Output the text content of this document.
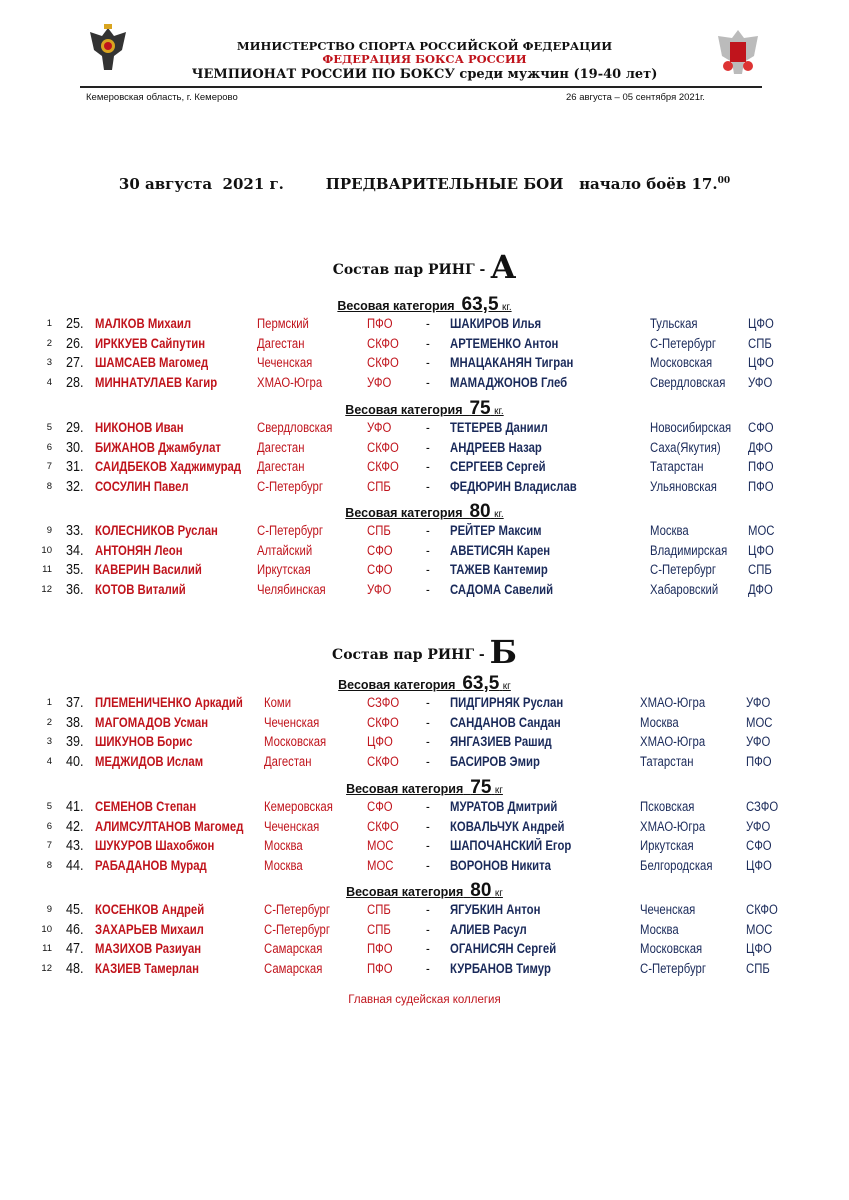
МИНИСТЕРСТВО СПОРТА РОССИЙСКОЙ ФЕДЕРАЦИИ
ФЕДЕРАЦИЯ БОКСА РОССИИ
ЧЕМПИОНАТ РОССИИ ПО БОКСУ среди мужчин (19-40 лет)
Кемеровская область, г. Кемерово	26 августа – 05 сентября 2021г.
30 августа  2021 г.	ПРЕДВАРИТЕЛЬНЫЕ БОИ начало боёв 17.00
Состав пар РИНГ - А
Весовая категория 63,5 кг.
1 25. МАЛКОВ Михаил	Пермский	ПФО - ШАКИРОВ Илья	Тульская	ЦФО
2 26. ИРККУЕВ Сайпутин	Дагестан	СКФО - АРТЕМЕНКО Антон	С-Петербург СПБ
3 27. ШАМСАЕВ Магомед	Чеченская	СКФО - МНАЦАКАНЯН Тигран	Московская	ЦФО
4 28. МИННАТУЛАЕВ Кагир	ХМАО-Югра	УФО	- МАМАДЖОНОВ Глеб	Свердловская УФО
Весовая категория 75 кг.
5 29. НИКОНОВ Иван	Свердловская	УФО	- ТЕТЕРЕВ Даниил	Новосибирская СФО
6 30. БИЖАНОВ Джамбулат	Дагестан	СКФО - АНДРЕЕВ Назар	Саха(Якутия) ДФО
7 31. САИДБЕКОВ Хаджимурад Дагестан	СКФО - СЕРГЕЕВ Сергей	Татарстан	ПФО
8 32. СОСУЛИН Павел	С-Петербург	СПБ	- ФЕДЮРИН Владислав	Ульяновская ПФО
Весовая категория 80 кг.
9 33. КОЛЕСНИКОВ Руслан	С-Петербург	СПБ	- РЕЙТЕР Максим	Москва	МОС
10 34. АНТОНЯН Леон	Алтайский	СФО - АВЕТИСЯН Карен	Владимирская ЦФО
11 35. КАВЕРИН Василий	Иркутская	СФО - ТАЖЕВ Кантемир	С-Петербург СПБ
12 36. КОТОВ Виталий	Челябинская	УФО	- САДОМА Савелий	Хабаровский ДФО
Состав пар РИНГ - Б
Весовая категория 63,5 кг
1 37. ПЛЕМЕНИЧЕНКО Аркадий Коми	СЗФО - ПИДГИРНЯК Руслан	ХМАО-Югра	УФО
2 38. МАГОМАДОВ Усман	Чеченская	СКФО - САНДАНОВ Сандан	Москва	МОС
3 39. ШИКУНОВ Борис	Московская	ЦФО - ЯНГАЗИЕВ Рашид	ХМАО-Югра	УФО
4 40. МЕДЖИДОВ Ислам	Дагестан	СКФО - БАСИРОВ Эмир	Татарстан	ПФО
Весовая категория 75 кг
5 41. СЕМЕНОВ Степан	Кемеровская	СФО - МУРАТОВ Дмитрий	Псковская	СЗФО
6 42. АЛИМСУЛТАНОВ Магомед Чеченская	СКФО - КОВАЛЬЧУК Андрей	ХМАО-Югра	УФО
7 43. ШУКУРОВ Шахобжон	Москва	МОС - ШАПОЧАНСКИЙ Егор	Иркутская	СФО
8 44. РАБАДАНОВ Мурад	Москва	МОС - ВОРОНОВ Никита	Белгородская ЦФО
Весовая категория 80 кг
9 45. КОСЕНКОВ Андрей	С-Петербург	СПБ	- ЯГУБКИН Антон	Чеченская	СКФО
10 46. ЗАХАРЬЕВ Михаил	С-Петербург	СПБ	- АЛИЕВ Расул	Москва	МОС
11 47. МАЗИХОВ Разиуан	Самарская	ПФО - ОГАНИСЯН Сергей	Московская	ЦФО
12 48. КАЗИЕВ Тамерлан	Самарская	ПФО - КУРБАНОВ Тимур	С-Петербург	СПБ
Главная судейская коллегия
